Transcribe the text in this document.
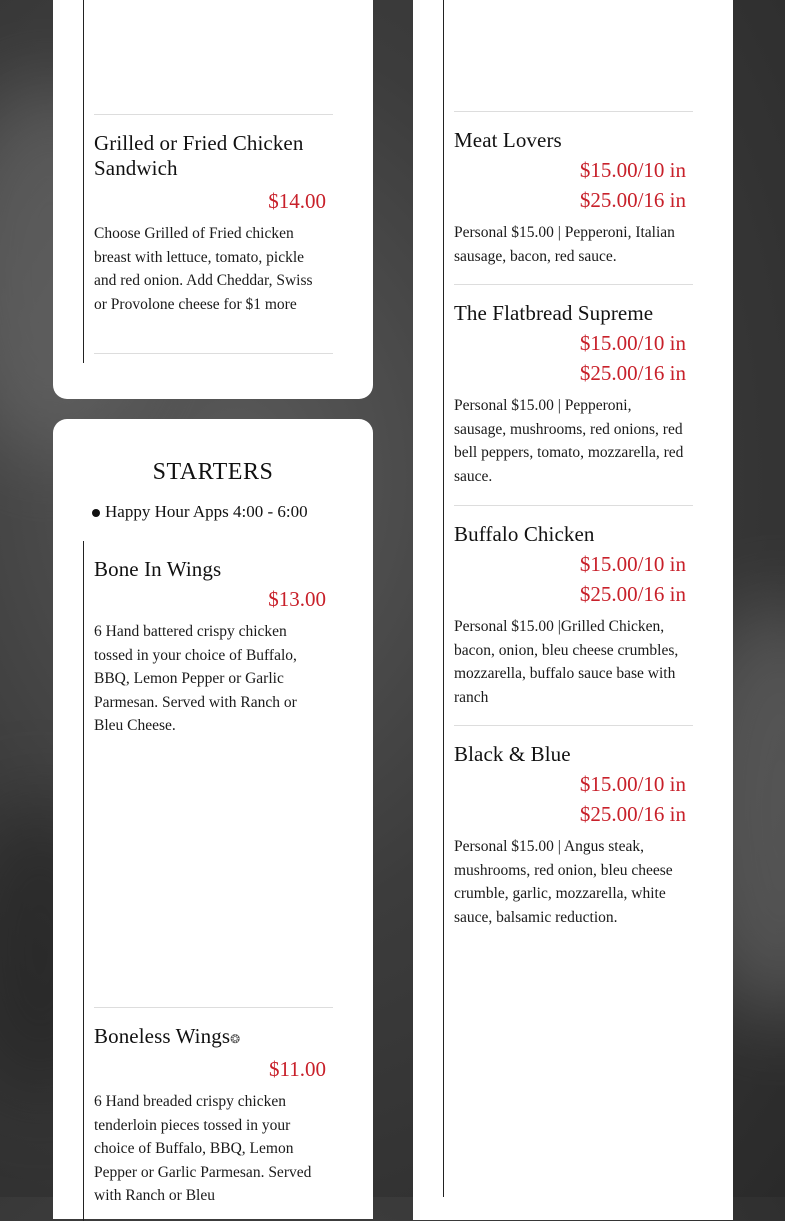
Grilled or Fried Chicken Sandwich

$14.00

Choose Grilled of Fried chicken breast with lettuce, tomato, pickle and red onion. Add Cheddar, Swiss or Provolone cheese for $1 more

STARTERS
Happy Hour Apps 4:00 - 6:00
Bone In Wings

$13.00

6 Hand battered crispy chicken tossed in your choice of Buffalo, BBQ, Lemon Pepper or Garlic Parmesan. Served with Ranch or Bleu Cheese.

Boneless Wings❂

$11.00

6 Hand breaded crispy chicken tenderloin pieces tossed in your choice of Buffalo, BBQ, Lemon Pepper or Garlic Parmesan. Served with Ranch or Bleu

Meat Lovers

$15.00/10 in

$25.00/16 in

Personal $15.00 | Pepperoni, Italian sausage, bacon, red sauce.

The Flatbread Supreme

$15.00/10 in

$25.00/16 in

Personal $15.00 | Pepperoni, sausage, mushrooms, red onions, red bell peppers, tomato, mozzarella, red sauce.

Buffalo Chicken

$15.00/10 in

$25.00/16 in

Personal $15.00 |Grilled Chicken, bacon, onion, bleu cheese crumbles, mozzarella, buffalo sauce base with ranch

Black & Blue

$15.00/10 in

$25.00/16 in

Personal $15.00 | Angus steak, mushrooms, red onion, bleu cheese crumble, garlic, mozzarella, white sauce, balsamic reduction.
